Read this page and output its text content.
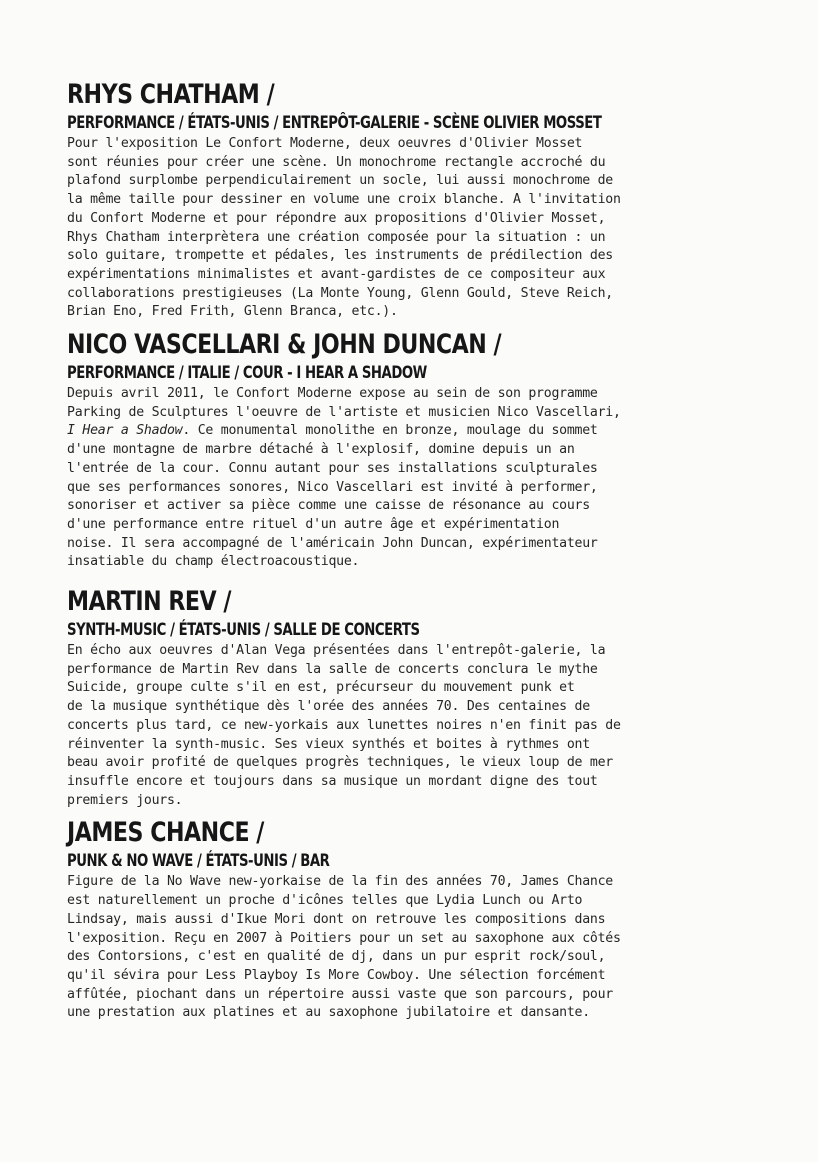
RHYS CHATHAM /
PERFORMANCE / ÉTATS-UNIS / ENTREPÔT-GALERIE - SCÈNE OLIVIER MOSSET
Pour l'exposition Le Confort Moderne, deux oeuvres d'Olivier Mosset
sont réunies pour créer une scène. Un monochrome rectangle accroché du
plafond surplombe perpendiculairement un socle, lui aussi monochrome de
la même taille pour dessiner en volume une croix blanche. A l'invitation
du Confort Moderne et pour répondre aux propositions d'Olivier Mosset,
Rhys Chatham interprètera une création composée pour la situation : un
solo guitare, trompette et pédales, les instruments de prédilection des
expérimentations minimalistes et avant-gardistes de ce compositeur aux
collaborations prestigieuses (La Monte Young, Glenn Gould, Steve Reich,
Brian Eno, Fred Frith, Glenn Branca, etc.).
NICO VASCELLARI & JOHN DUNCAN /
PERFORMANCE / ITALIE / COUR - I HEAR A SHADOW
Depuis avril 2011, le Confort Moderne expose au sein de son programme
Parking de Sculptures l'oeuvre de l'artiste et musicien Nico Vascellari,
I Hear a Shadow. Ce monumental monolithe en bronze, moulage du sommet
d'une montagne de marbre détaché à l'explosif, domine depuis un an
l'entrée de la cour. Connu autant pour ses installations sculpturales
que ses performances sonores, Nico Vascellari est invité à performer,
sonoriser et activer sa pièce comme une caisse de résonance au cours
d'une performance entre rituel d'un autre âge et expérimentation
noise. Il sera accompagné de l'américain John Duncan, expérimentateur
insatiable du champ électroacoustique.
MARTIN REV /
SYNTH-MUSIC / ÉTATS-UNIS / SALLE DE CONCERTS
En écho aux oeuvres d'Alan Vega présentées dans l'entrepôt-galerie, la
performance de Martin Rev dans la salle de concerts conclura le mythe
Suicide, groupe culte s'il en est, précurseur du mouvement punk et
de la musique synthétique dès l'orée des années 70. Des centaines de
concerts plus tard, ce new-yorkais aux lunettes noires n'en finit pas de
réinventer la synth-music. Ses vieux synthés et boites à rythmes ont
beau avoir profité de quelques progrès techniques, le vieux loup de mer
insuffle encore et toujours dans sa musique un mordant digne des tout
premiers jours.
JAMES CHANCE /
PUNK & NO WAVE / ÉTATS-UNIS / BAR
Figure de la No Wave new-yorkaise de la fin des années 70, James Chance
est naturellement un proche d'icônes telles que Lydia Lunch ou Arto
Lindsay, mais aussi d'Ikue Mori dont on retrouve les compositions dans
l'exposition. Reçu en 2007 à Poitiers pour un set au saxophone aux côtés
des Contorsions, c'est en qualité de dj, dans un pur esprit rock/soul,
qu'il sévira pour Less Playboy Is More Cowboy. Une sélection forcément
affûtée, piochant dans un répertoire aussi vaste que son parcours, pour
une prestation aux platines et au saxophone jubilatoire et dansante.
